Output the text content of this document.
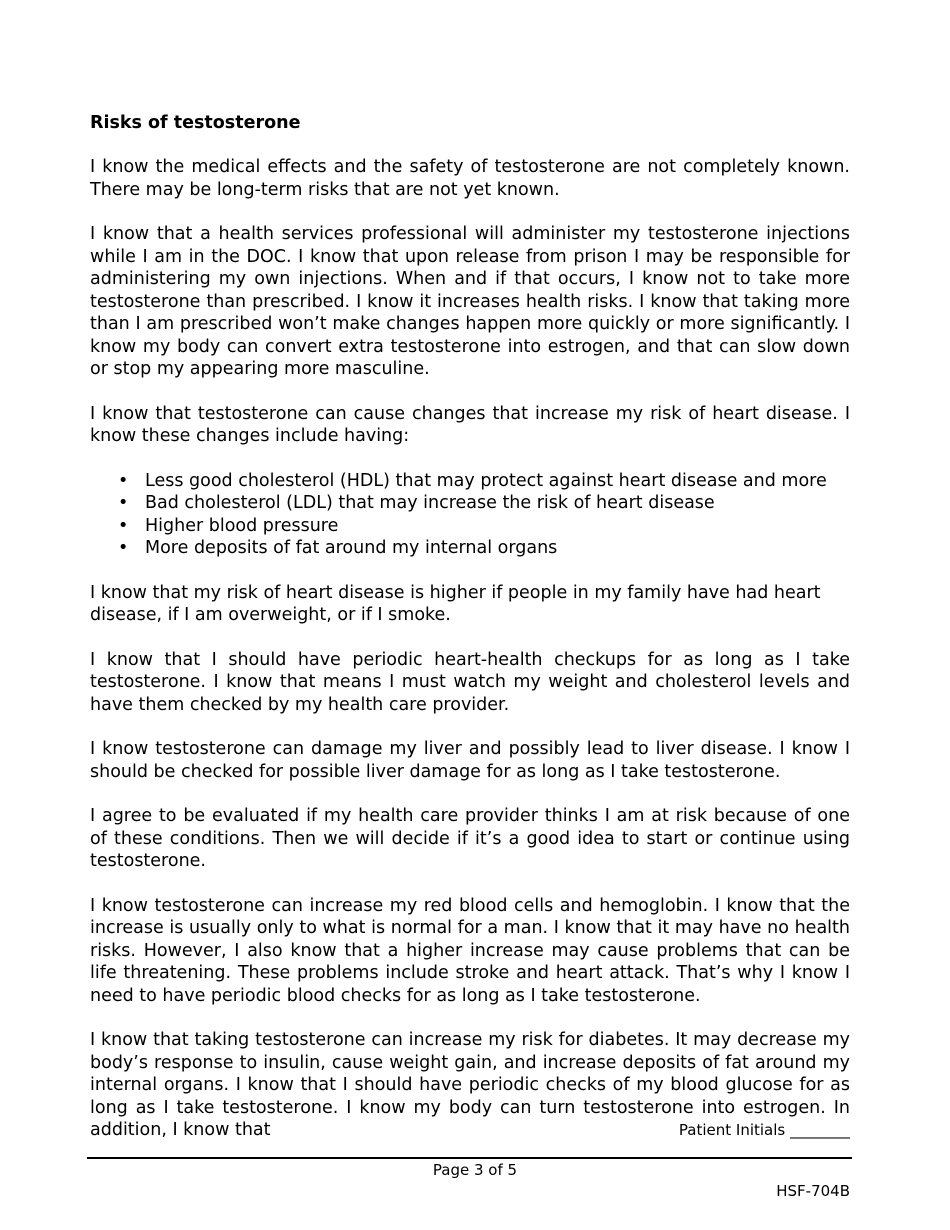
Risks of testosterone

I know the medical effects and the safety of testosterone are not completely known. There may be long-term risks that are not yet known.

I know that a health services professional will administer my testosterone injections while I am in the DOC. I know that upon release from prison I may be responsible for administering my own injections. When and if that occurs, I know not to take more testosterone than prescribed. I know it increases health risks. I know that taking more than I am prescribed won’t make changes happen more quickly or more significantly. I know my body can convert extra testosterone into estrogen, and that can slow down or stop my appearing more masculine.

I know that testosterone can cause changes that increase my risk of heart disease. I know these changes include having:

• Less good cholesterol (HDL) that may protect against heart disease and more
• Bad cholesterol (LDL) that may increase the risk of heart disease
• Higher blood pressure
• More deposits of fat around my internal organs

I know that my risk of heart disease is higher if people in my family have had heart disease, if I am overweight, or if I smoke.

I know that I should have periodic heart-health checkups for as long as I take testosterone. I know that means I must watch my weight and cholesterol levels and have them checked by my health care provider.

I know testosterone can damage my liver and possibly lead to liver disease. I know I should be checked for possible liver damage for as long as I take testosterone.

I agree to be evaluated if my health care provider thinks I am at risk because of one of these conditions. Then we will decide if it’s a good idea to start or continue using testosterone.

I know testosterone can increase my red blood cells and hemoglobin. I know that the increase is usually only to what is normal for a man. I know that it may have no health risks. However, I also know that a higher increase may cause problems that can be life threatening. These problems include stroke and heart attack. That’s why I know I need to have periodic blood checks for as long as I take testosterone.

I know that taking testosterone can increase my risk for diabetes. It may decrease my body’s response to insulin, cause weight gain, and increase deposits of fat around my internal organs. I know that I should have periodic checks of my blood glucose for as long as I take testosterone. I know my body can turn testosterone into estrogen. In addition, I know that	Patient Initials ________
Page 3 of 5
HSF-704B
